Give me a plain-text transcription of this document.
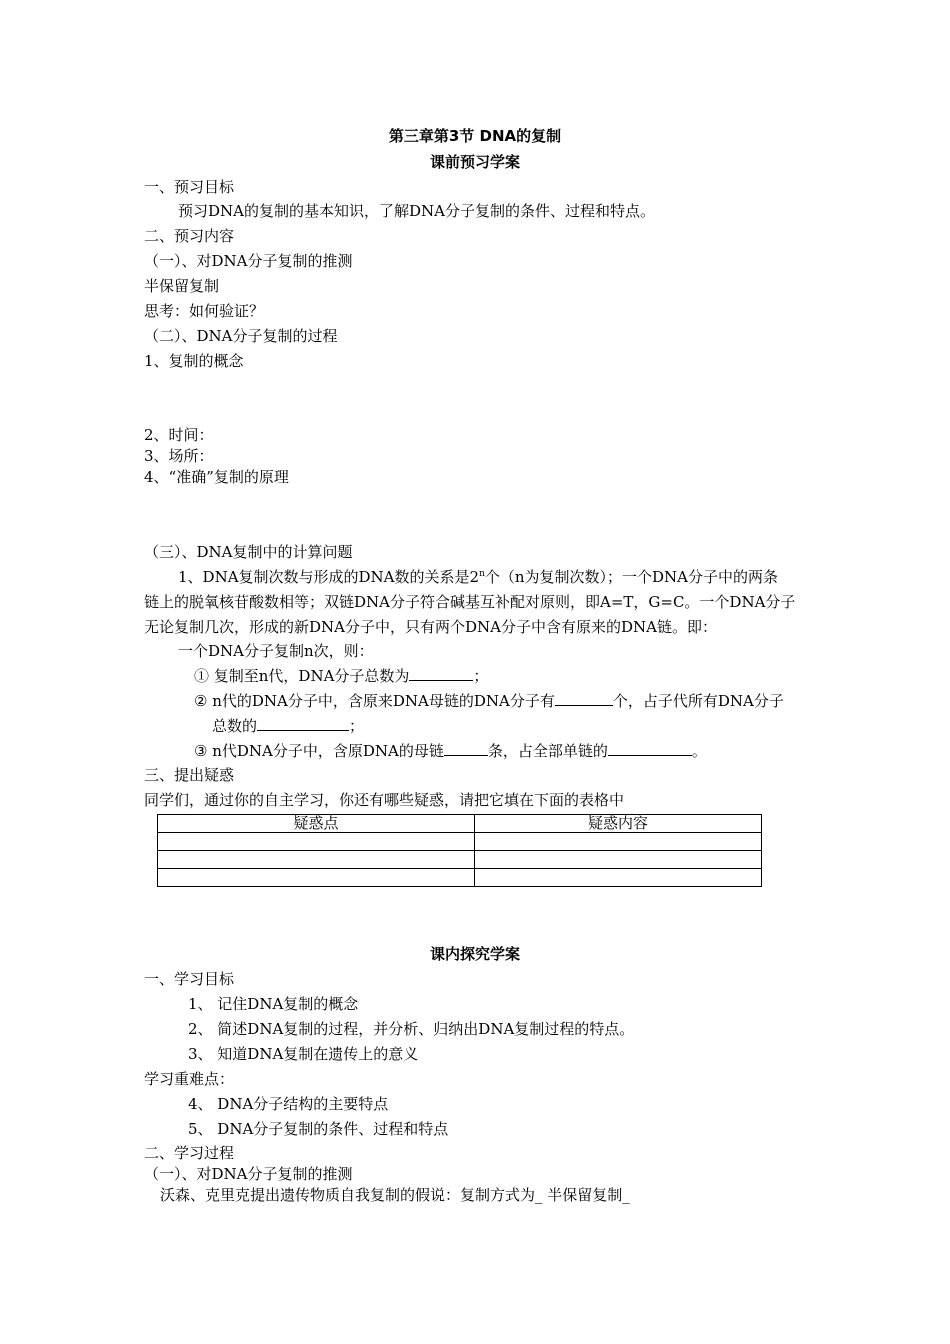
第三章第3节 DNA的复制
课前预习学案
一、预习目标
预习DNA的复制的基本知识，了解DNA分子复制的条件、过程和特点。
二、预习内容
（一）、对DNA分子复制的推测
半保留复制
思考：如何验证？
（二）、DNA分子复制的过程
1、复制的概念
2、时间：
3、场所：
4、“准确”复制的原理
（三）、DNA复制中的计算问题
1、DNA复制次数与形成的DNA数的关系是2$^n$个（n为复制次数）；一个DNA分子中的两条
链上的脱氧核苷酸数相等；双链DNA分子符合碱基互补配对原则，即A=T，G=C。一个DNA分子
无论复制几次，形成的新DNA分子中，只有两个DNA分子中含有原来的DNA链。即：
一个DNA分子复制n次，则：
① 复制至n代，DNA分子总数为	；
② n代的DNA分子中，含原来DNA母链的DNA分子有	个，占子代所有DNA分子
总数的	；
③ n代DNA分子中，含原DNA的母链	条，占全部单链的	。
三、提出疑惑
同学们，通过你的自主学习，你还有哪些疑惑，请把它填在下面的表格中
疑惑点	疑惑内容

课内探究学案
一、学习目标
1、 记住DNA复制的概念
2、 简述DNA复制的过程，并分析、归纳出DNA复制过程的特点。
3、 知道DNA复制在遗传上的意义
学习重难点：
4、 DNA分子结构的主要特点
5、 DNA分子复制的条件、过程和特点
二、学习过程
（一）、对DNA分子复制的推测
沃森、克里克提出遗传物质自我复制的假说：复制方式为_ 半保留复制_
